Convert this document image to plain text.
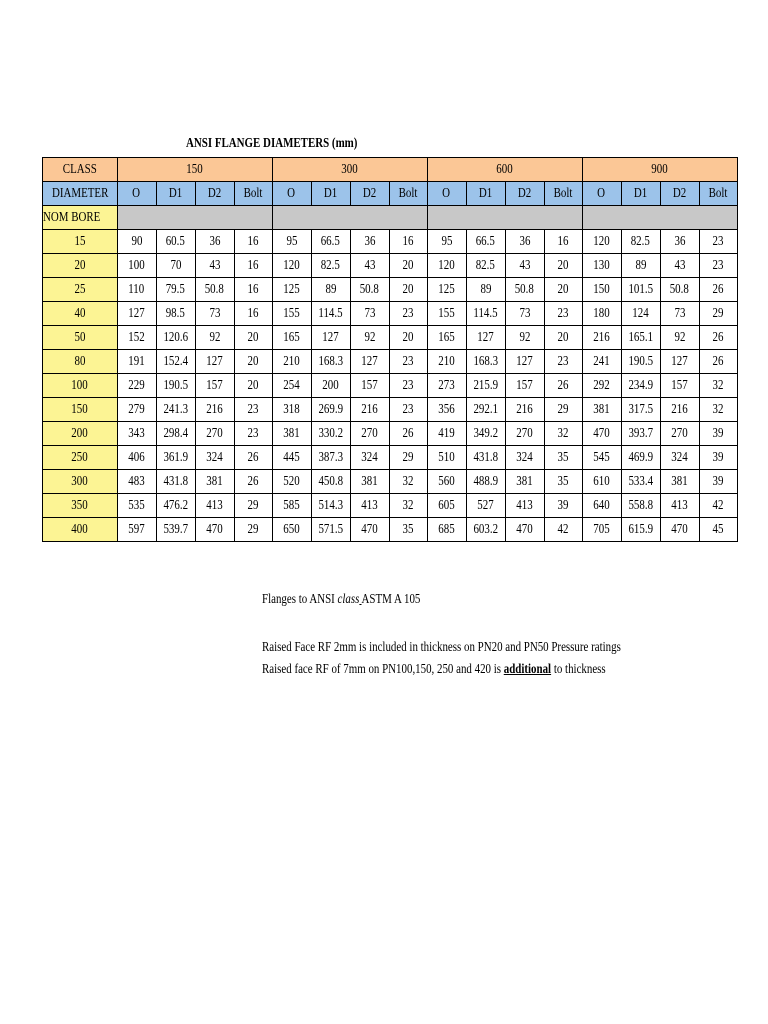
ANSI FLANGE DIAMETERS (mm)
CLASS	150				300				600				900			
DIAMETER	O	D1	D2	Bolt	O	D1	D2	Bolt	O	D1	D2	Bolt	O	D1	D2	Bolt
NOM BORE																
15	90	60.5	36	16	95	66.5	36	16	95	66.5	36	16	120	82.5	36	23
20	100	70	43	16	120	82.5	43	20	120	82.5	43	20	130	89	43	23
25	110	79.5	50.8	16	125	89	50.8	20	125	89	50.8	20	150	101.5	50.8	26
40	127	98.5	73	16	155	114.5	73	23	155	114.5	73	23	180	124	73	29
50	152	120.6	92	20	165	127	92	20	165	127	92	20	216	165.1	92	26
80	191	152.4	127	20	210	168.3	127	23	210	168.3	127	23	241	190.5	127	26
100	229	190.5	157	20	254	200	157	23	273	215.9	157	26	292	234.9	157	32
150	279	241.3	216	23	318	269.9	216	23	356	292.1	216	29	381	317.5	216	32
200	343	298.4	270	23	381	330.2	270	26	419	349.2	270	32	470	393.7	270	39
250	406	361.9	324	26	445	387.3	324	29	510	431.8	324	35	545	469.9	324	39
300	483	431.8	381	26	520	450.8	381	32	560	488.9	381	35	610	533.4	381	39
350	535	476.2	413	29	585	514.3	413	32	605	527	413	39	640	558.8	413	42
400	597	539.7	470	29	650	571.5	470	35	685	603.2	470	42	705	615.9	470	45
Flanges to ANSI class ASTM A 105
Raised Face RF 2mm is included in thickness on PN20 and PN50 Pressure ratings
Raised face RF of 7mm on PN100,150, 250 and 420 is additional to thickness
